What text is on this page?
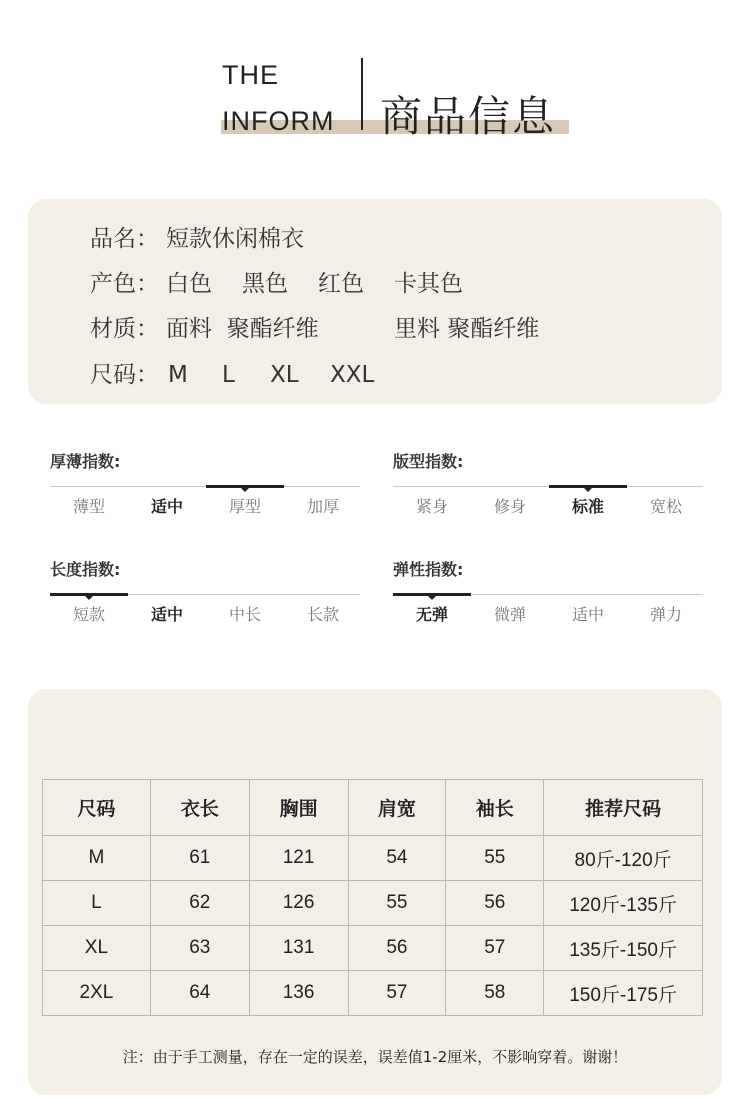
THE
INFORM 商品信息
品名： 短款休闲棉衣
产色： 白色 黑色 红色 卡其色
材质： 面料  聚酯纤维	里料 聚酯纤维
尺码： M L XL XXL
厚薄指数:
薄型	适中	厚型	加厚
版型指数:
紧身	修身	标准	宽松
长度指数:
短款	适中	中长	长款
弹性指数:
无弹	微弹	适中	弹力
尺码	衣长	胸围	肩宽	袖长	推荐尺码
M	61	121	54	55	80斤-120斤
L	62	126	55	56	120斤-135斤
XL	63	131	56	57	135斤-150斤
2XL	64	136	57	58	150斤-175斤
注：由于手工测量，存在一定的误差，误差值1-2厘米，不影响穿着。谢谢！
